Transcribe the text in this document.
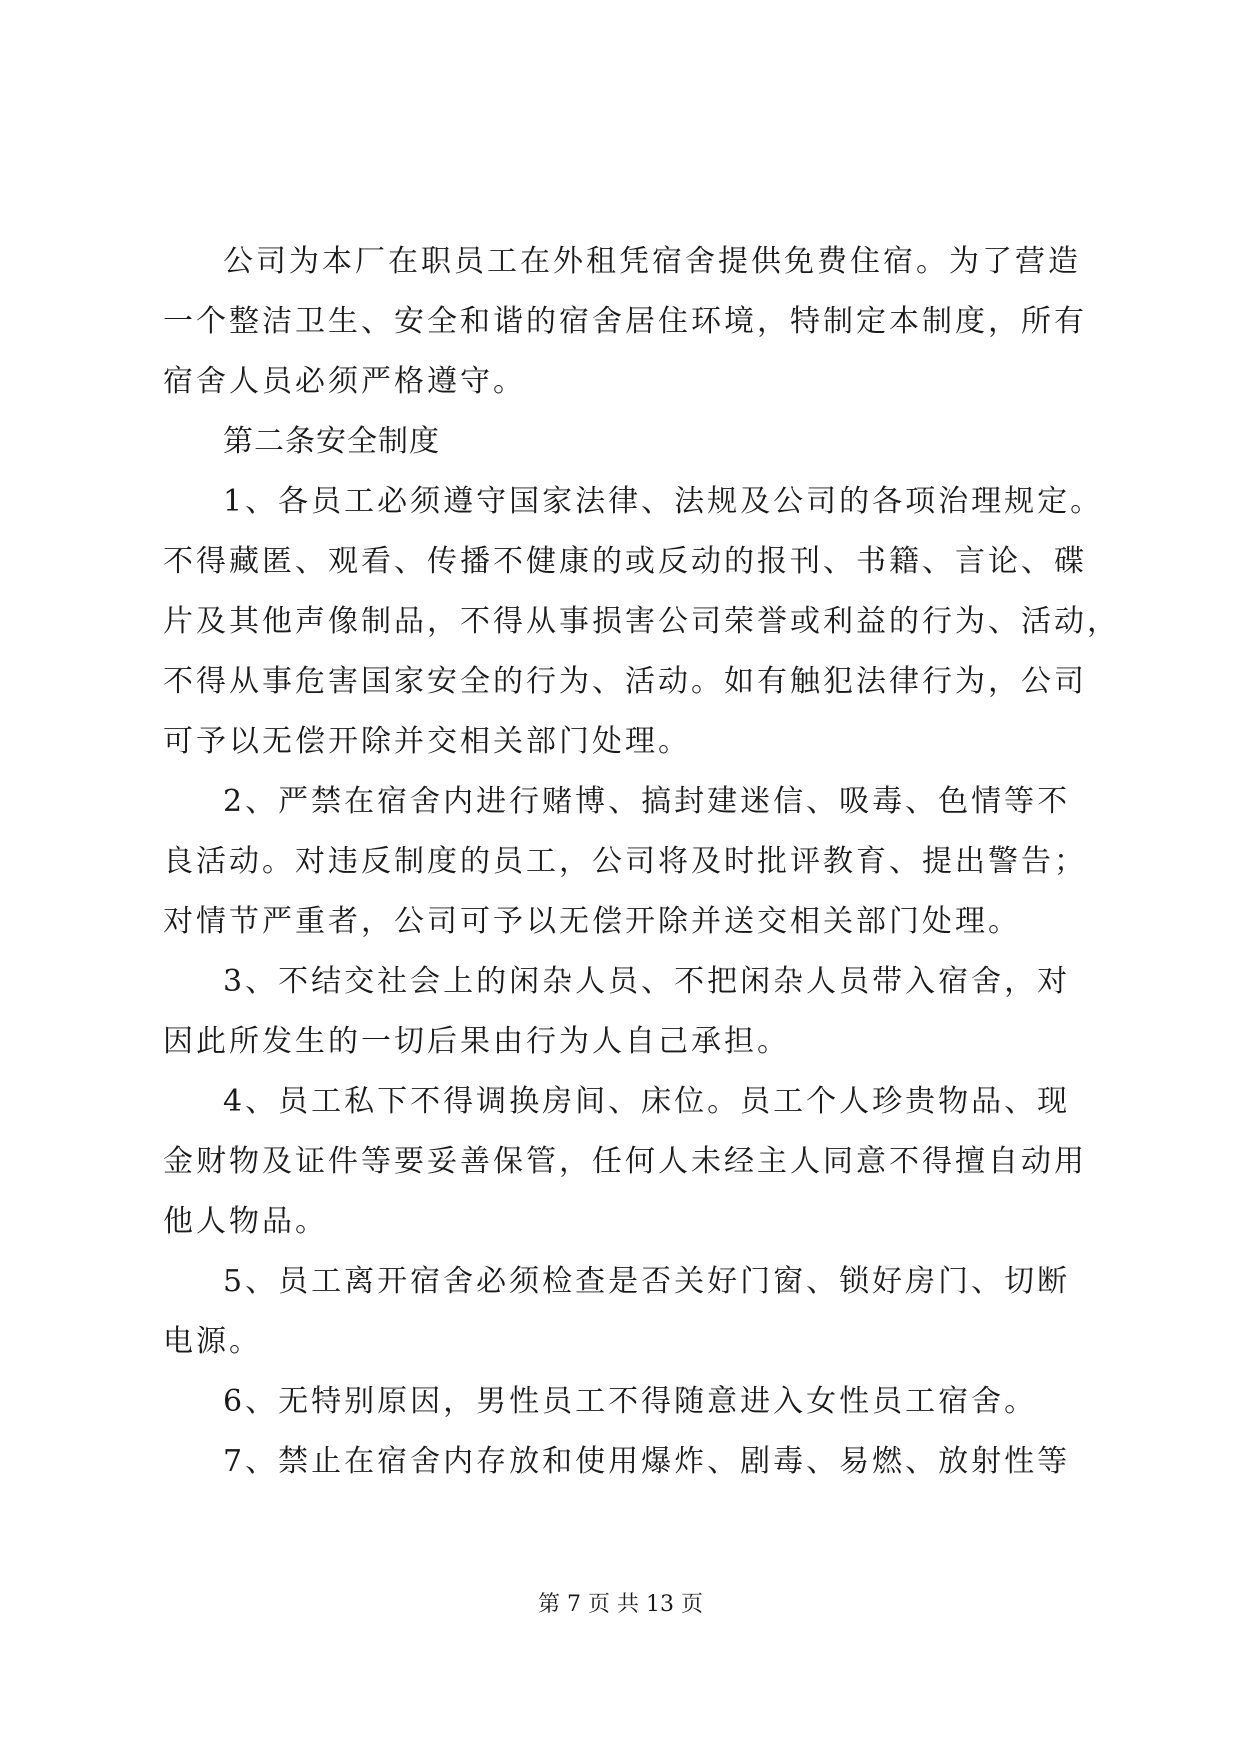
公司为本厂在职员工在外租凭宿舍提供免费住宿。为了营造
一个整洁卫生、安全和谐的宿舍居住环境，特制定本制度，所有
宿舍人员必须严格遵守。

第二条安全制度

1、各员工必须遵守国家法律、法规及公司的各项治理规定。
不得藏匿、观看、传播不健康的或反动的报刊、书籍、言论、碟
片及其他声像制品，不得从事损害公司荣誉或利益的行为、活动，
不得从事危害国家安全的行为、活动。如有触犯法律行为，公司
可予以无偿开除并交相关部门处理。

2、严禁在宿舍内进行赌博、搞封建迷信、吸毒、色情等不
良活动。对违反制度的员工，公司将及时批评教育、提出警告；
对情节严重者，公司可予以无偿开除并送交相关部门处理。

3、不结交社会上的闲杂人员、不把闲杂人员带入宿舍，对
因此所发生的一切后果由行为人自己承担。

4、员工私下不得调换房间、床位。员工个人珍贵物品、现
金财物及证件等要妥善保管，任何人未经主人同意不得擅自动用
他人物品。

5、员工离开宿舍必须检查是否关好门窗、锁好房门、切断
电源。

6、无特别原因，男性员工不得随意进入女性员工宿舍。

7、禁止在宿舍内存放和使用爆炸、剧毒、易燃、放射性等

第 7 页 共 13 页
